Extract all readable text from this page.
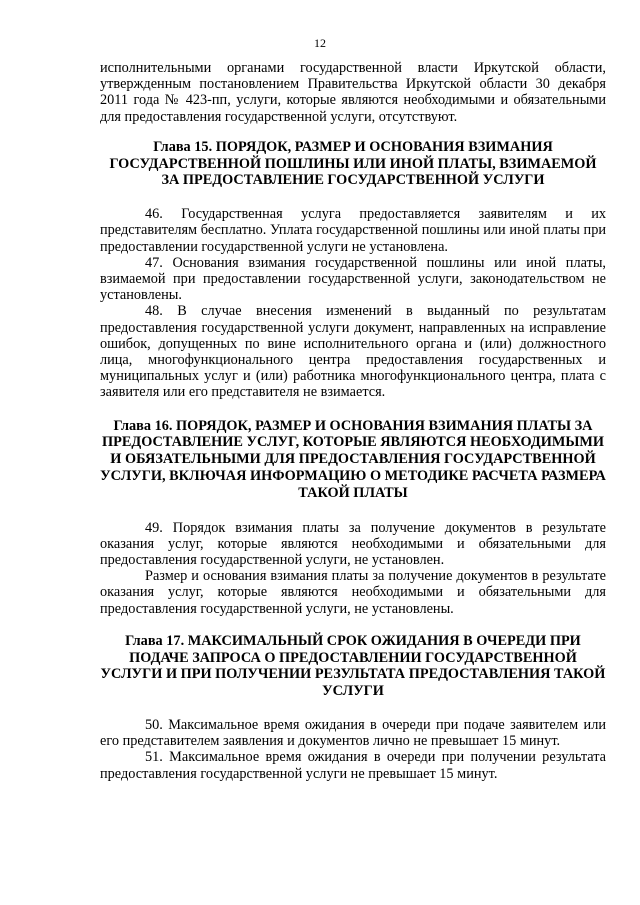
12

исполнительными органами государственной власти Иркутской области, утвержденным постановлением Правительства Иркутской области 30 декабря 2011 года № 423-пп, услуги, которые являются необходимыми и обязательными для предоставления государственной услуги, отсутствуют.

Глава 15. ПОРЯДОК, РАЗМЕР И ОСНОВАНИЯ ВЗИМАНИЯ ГОСУДАРСТВЕННОЙ ПОШЛИНЫ ИЛИ ИНОЙ ПЛАТЫ, ВЗИМАЕМОЙ ЗА ПРЕДОСТАВЛЕНИЕ ГОСУДАРСТВЕННОЙ УСЛУГИ

46. Государственная услуга предоставляется заявителям и их представителям бесплатно. Уплата государственной пошлины или иной платы при предоставлении государственной услуги не установлена.

47. Основания взимания государственной пошлины или иной платы, взимаемой при предоставлении государственной услуги, законодательством не установлены.

48. В случае внесения изменений в выданный по результатам предоставления государственной услуги документ, направленных на исправление ошибок, допущенных по вине исполнительного органа и (или) должностного лица, многофункционального центра предоставления государственных и муниципальных услуг и (или) работника многофункционального центра, плата с заявителя или его представителя не взимается.

Глава 16. ПОРЯДОК, РАЗМЕР И ОСНОВАНИЯ ВЗИМАНИЯ ПЛАТЫ ЗА ПРЕДОСТАВЛЕНИЕ УСЛУГ, КОТОРЫЕ ЯВЛЯЮТСЯ НЕОБХОДИМЫМИ И ОБЯЗАТЕЛЬНЫМИ ДЛЯ ПРЕДОСТАВЛЕНИЯ ГОСУДАРСТВЕННОЙ УСЛУГИ, ВКЛЮЧАЯ ИНФОРМАЦИЮ О МЕТОДИКЕ РАСЧЕТА РАЗМЕРА ТАКОЙ ПЛАТЫ

49. Порядок взимания платы за получение документов в результате оказания услуг, которые являются необходимыми и обязательными для предоставления государственной услуги, не установлен.

Размер и основания взимания платы за получение документов в результате оказания услуг, которые являются необходимыми и обязательными для предоставления государственной услуги, не установлены.

Глава 17. МАКСИМАЛЬНЫЙ СРОК ОЖИДАНИЯ В ОЧЕРЕДИ ПРИ ПОДАЧЕ ЗАПРОСА О ПРЕДОСТАВЛЕНИИ ГОСУДАРСТВЕННОЙ УСЛУГИ И ПРИ ПОЛУЧЕНИИ РЕЗУЛЬТАТА ПРЕДОСТАВЛЕНИЯ ТАКОЙ УСЛУГИ

50. Максимальное время ожидания в очереди при подаче заявителем или его представителем заявления и документов лично не превышает 15 минут.

51. Максимальное время ожидания в очереди при получении результата предоставления государственной услуги не превышает 15 минут.
